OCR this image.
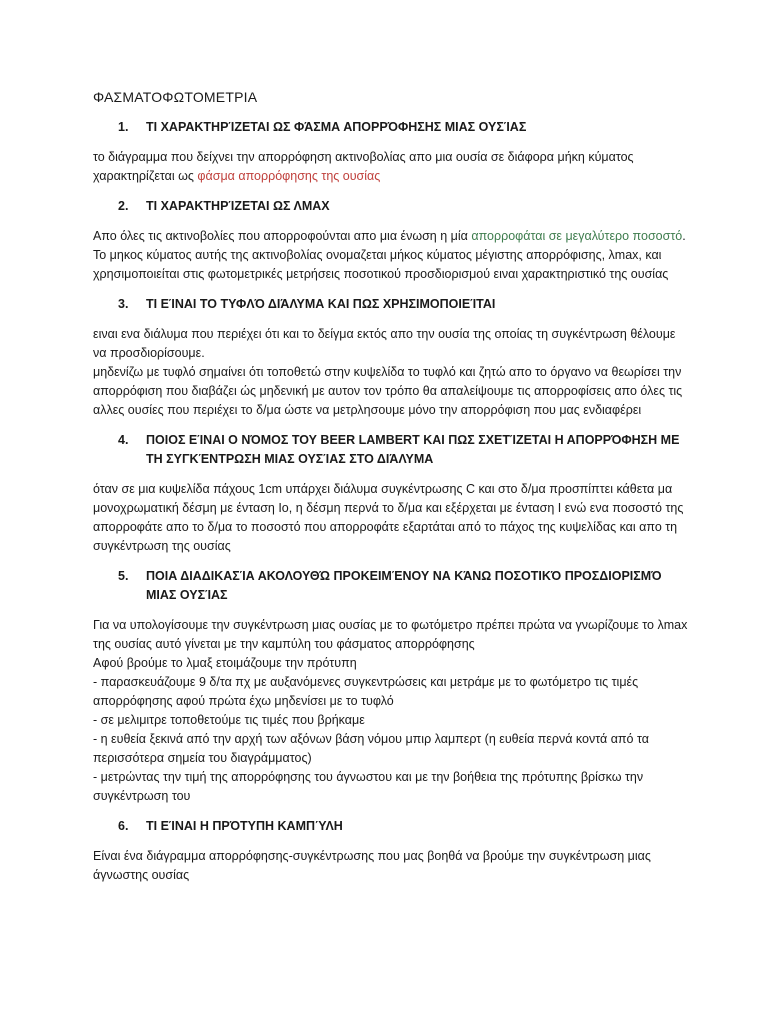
ΦΑΣΜΑΤΟΦΩΤΟΜΕΤΡΙΑ
1.	ΤΙ ΧΑΡΑΚΤΗΡΊΖΕΤΑΙ ΩΣ ΦΆΣΜΑ ΑΠΟΡΡΌΦΗΣΗΣ ΜΙΑΣ ΟΥΣΊΑΣ
το διάγραμμα που δείχνει την απορρόφηση ακτινοβολίας απο μια ουσία σε διάφορα μήκη κύματος χαρακτηρίζεται ως φάσμα απορρόφησης της ουσίας
2.	ΤΙ ΧΑΡΑΚΤΗΡΊΖΕΤΑΙ ΩΣ ΛΜΑΧ
Απο όλες τις ακτινοβολίες που απορροφούνται απο μια ένωση η μία απορροφάται σε μεγαλύτερο ποσοστό. Το μηκος κύματος αυτής της ακτινοβολίας ονομαζεται μήκος κύματος μέγιστης απορρόφισης, λmax, και χρησιμοποιείται στις φωτομετρικές μετρήσεις ποσοτικού προσδιορισμού ειναι χαρακτηριστικό της ουσίας
3.	ΤΙ ΕΊΝΑΙ ΤΟ ΤΥΦΛΌ ΔΙΆΛΥΜΑ ΚΑΙ ΠΩΣ ΧΡΗΣΙΜΟΠΟΙΕΊΤΑΙ

ειναι ενα διάλυμα που περιέχει ότι και το δείγμα εκτός απο την ουσία της οποίας τη συγκέντρωση θέλουμε να προσδιορίσουμε.

μηδενίζω με τυφλό σημαίνει ότι τοποθετώ στην κυψελίδα το τυφλό και ζητώ απο το όργανο να θεωρίσει την απορρόφιση που διαβάζει ώς μηδενική με αυτον τον τρόπο θα απαλείψουμε τις απορροφίσεις απο όλες τις αλλες ουσίες που περιέχει το δ/μα ώστε να μετρλησουμε μόνο την απορρόφιση που μας ενδιαφέρει

4.	ΠΟΙΟΣ ΕΊΝΑΙ Ο ΝΌΜΟΣ ΤΟΥ BEER LAMBERT ΚΑΙ ΠΩΣ ΣΧΕΤΊΖΕΤΑΙ Η ΑΠΟΡΡΌΦΗΣΗ ΜΕ ΤΗ ΣΥΓΚΈΝΤΡΩΣΗ ΜΙΑΣ ΟΥΣΊΑΣ ΣΤΟ ΔΙΆΛΥΜΑ

όταν σε μια κυψελίδα πάχους 1cm υπάρχει διάλυμα συγκέντρωσης C και στο δ/μα προσπίπτει κάθετα μα μονοχρωματική δέσμη με ένταση Io, η δέσμη περνά το δ/μα και εξέρχεται με ένταση I ενώ ενα ποσοστό της απορροφάτε απο το δ/μα το ποσοστό που απορροφάτε εξαρτάται από το πάχος της κυψελίδας και απο τη συγκέντρωση της ουσίας

5.	ΠΟΙΑ ΔΙΑΔΙΚΑΣΊΑ ΑΚΟΛΟΥΘΏ ΠΡΟΚΕΙΜΈΝΟΥ ΝΑ ΚΆΝΩ ΠΟΣΟΤΙΚΌ ΠΡΟΣΔΙΟΡΙΣΜΌ ΜΙΑΣ ΟΥΣΊΑΣ

Για να υπολογίσουμε την συγκέντρωση μιας ουσίας με το φωτόμετρο πρέπει πρώτα να γνωρίζουμε το λmax της ουσίας αυτό γίνεται με την καμπύλη του φάσματος απορρόφησης

Αφού βρούμε το λμαξ ετοιμάζουμε την πρότυπη

- παρασκευάζουμε 9 δ/τα πχ με αυξανόμενες συγκεντρώσεις και μετράμε με το φωτόμετρο τις τιμές απορρόφησης αφού πρώτα έχω μηδενίσει με το τυφλό

- σε μελιμιτρε τοποθετούμε τις τιμές που βρήκαμε

- η ευθεία ξεκινά από την αρχή των αξόνων βάση νόμου μπιρ λαμπερτ (η ευθεία περνά κοντά από τα περισσότερα σημεία του διαγράμματος)

- μετρώντας την τιμή της απορρόφησης του άγνωστου και με την βοήθεια της πρότυπης βρίσκω την συγκέντρωση του

6.	ΤΙ ΕΊΝΑΙ Η ΠΡΌΤΥΠΗ ΚΑΜΠΎΛΗ

Είναι ένα διάγραμμα απορρόφησης-συγκέντρωσης που μας βοηθά να βρούμε την συγκέντρωση μιας άγνωστης ουσίας
